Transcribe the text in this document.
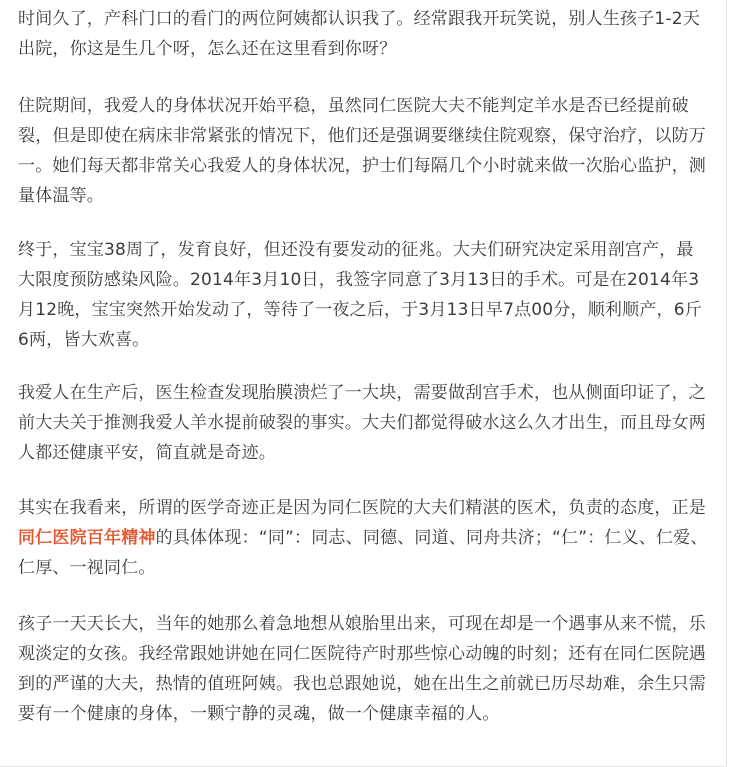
时间久了，产科门口的看门的两位阿姨都认识我了。经常跟我开玩笑说，别人生孩子1-2天出院，你这是生几个呀，怎么还在这里看到你呀？

住院期间，我爱人的身体状况开始平稳，虽然同仁医院大夫不能判定羊水是否已经提前破裂，但是即使在病床非常紧张的情况下，他们还是强调要继续住院观察，保守治疗，以防万一。她们每天都非常关心我爱人的身体状况，护士们每隔几个小时就来做一次胎心监护，测量体温等。

终于，宝宝38周了，发育良好，但还没有要发动的征兆。大夫们研究决定采用剖宫产，最大限度预防感染风险。2014年3月10日，我签字同意了3月13日的手术。可是在2014年3月12晚，宝宝突然开始发动了，等待了一夜之后，于3月13日早7点00分，顺利顺产，6斤6两，皆大欢喜。

我爱人在生产后，医生检查发现胎膜溃烂了一大块，需要做刮宫手术，也从侧面印证了，之前大夫关于推测我爱人羊水提前破裂的事实。大夫们都觉得破水这么久才出生，而且母女两人都还健康平安，简直就是奇迹。

其实在我看来，所谓的医学奇迹正是因为同仁医院的大夫们精湛的医术，负责的态度，正是同仁医院百年精神的具体体现：“同”：同志、同德、同道、同舟共济；“仁”：仁义、仁爱、仁厚、一视同仁。

孩子一天天长大，当年的她那么着急地想从娘胎里出来，可现在却是一个遇事从来不慌，乐观淡定的女孩。我经常跟她讲她在同仁医院待产时那些惊心动魄的时刻；还有在同仁医院遇到的严谨的大夫，热情的值班阿姨。我也总跟她说，她在出生之前就已历尽劫难，余生只需要有一个健康的身体，一颗宁静的灵魂，做一个健康幸福的人。
